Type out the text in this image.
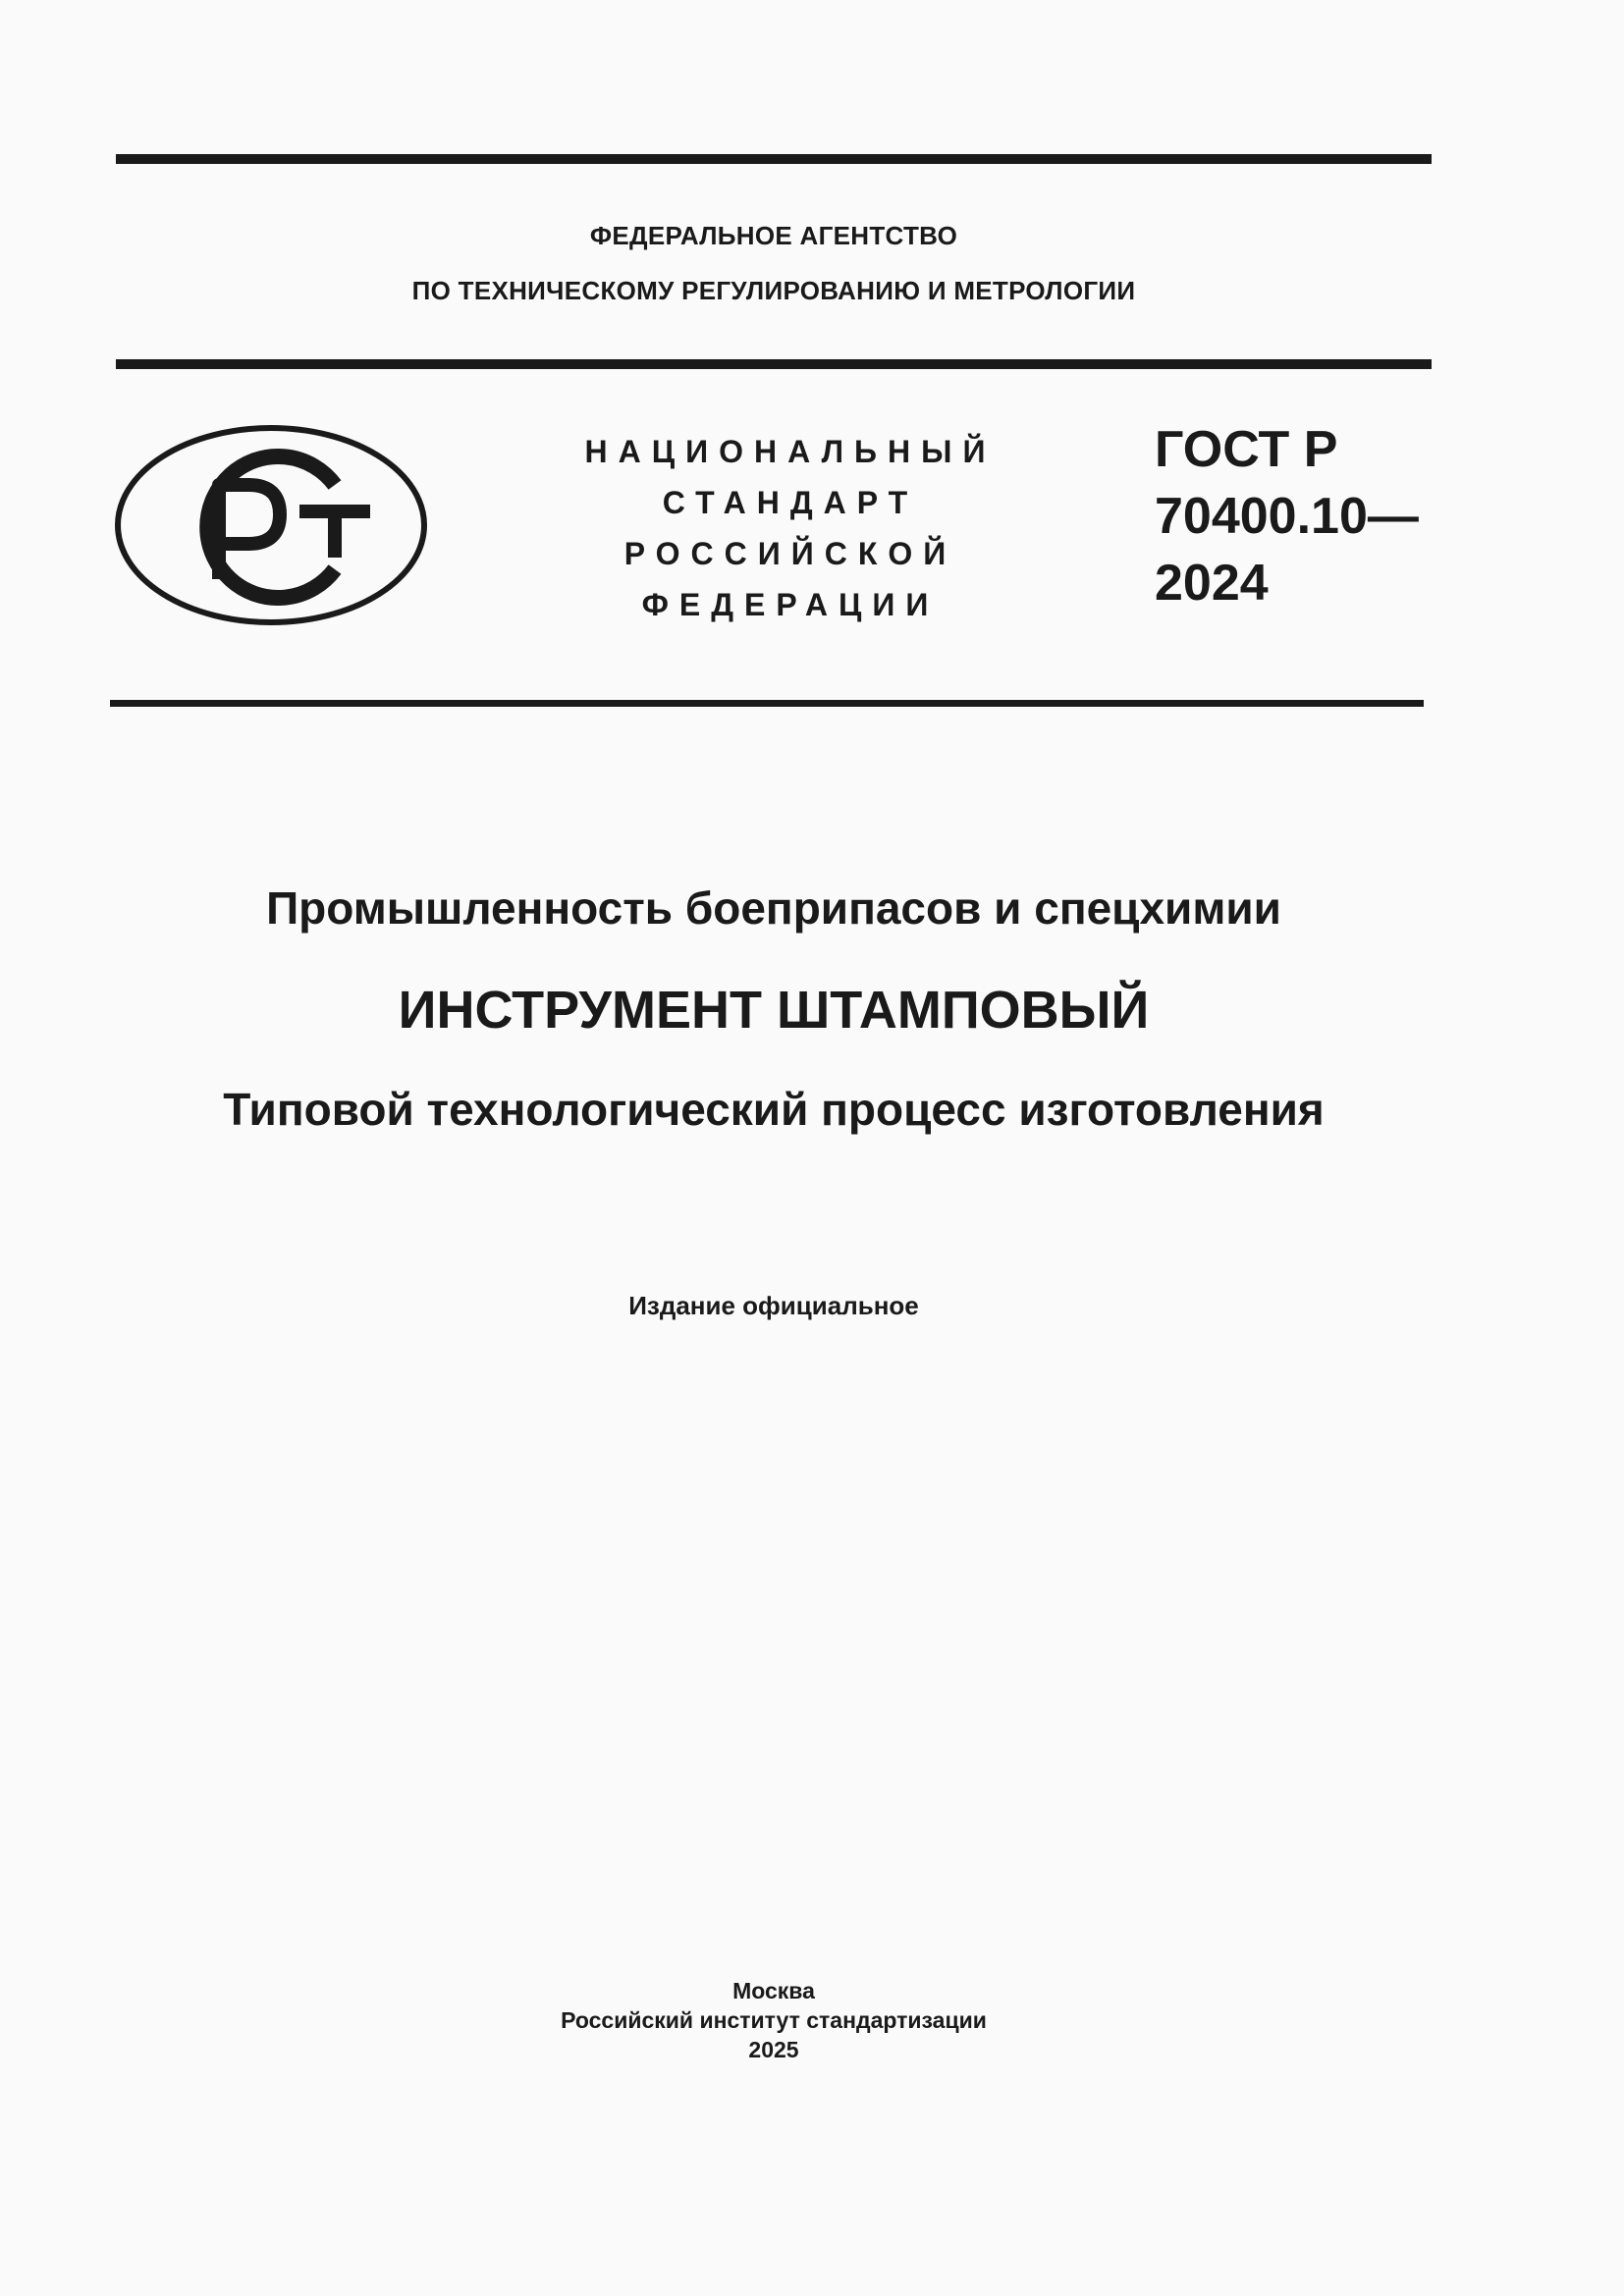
ФЕДЕРАЛЬНОЕ АГЕНТСТВО
ПО ТЕХНИЧЕСКОМУ РЕГУЛИРОВАНИЮ И МЕТРОЛОГИИ
НАЦИОНАЛЬНЫЙ
СТАНДАРТ
РОССИЙСКОЙ
ФЕДЕРАЦИИ
ГОСТ Р
70400.10—
2024
Промышленность боеприпасов и спецхимии
ИНСТРУМЕНТ ШТАМПОВЫЙ
Типовой технологический процесс изготовления
Издание официальное
Москва
Российский институт стандартизации
2025
